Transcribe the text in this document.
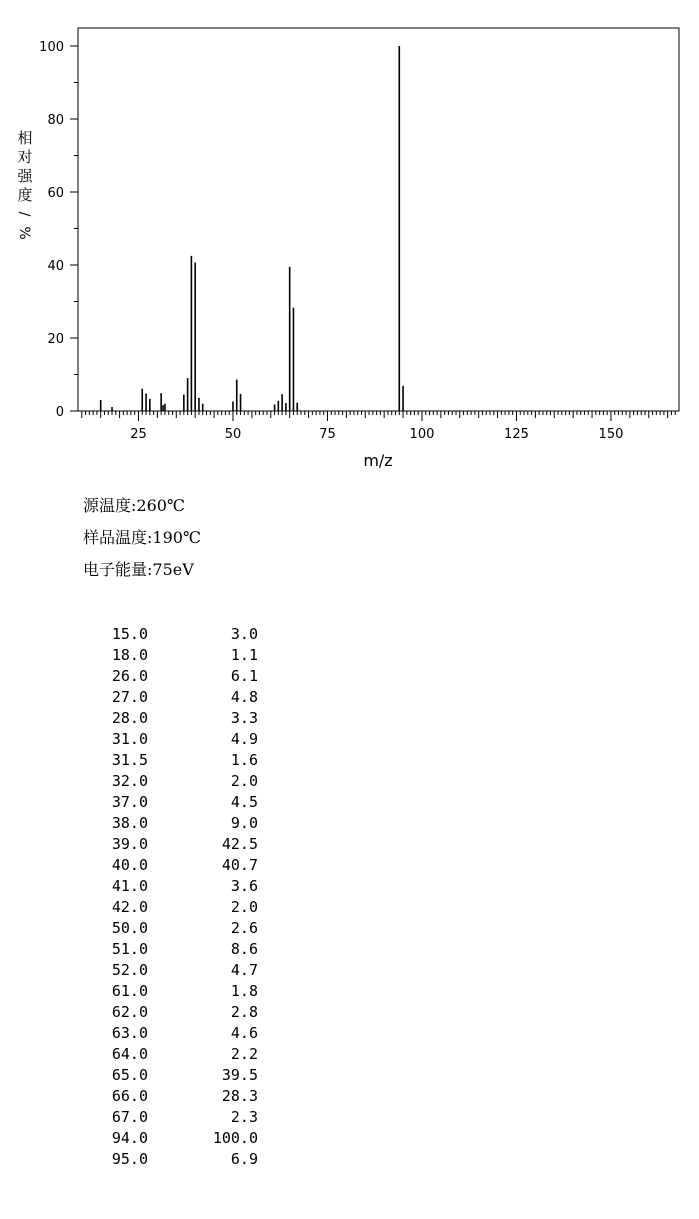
0
20
40
60
80
100
25	50	75	100	125	150
m/z
相
对
强
度
/
%
源温度:260℃
样品温度:190℃
电子能量:75eV
15.0	3.0
18.0	1.1
26.0	6.1
27.0	4.8
28.0	3.3
31.0	4.9
31.5	1.6
32.0	2.0
37.0	4.5
38.0	9.0
39.0	42.5
40.0	40.7
41.0	3.6
42.0	2.0
50.0	2.6
51.0	8.6
52.0	4.7
61.0	1.8
62.0	2.8
63.0	4.6
64.0	2.2
65.0	39.5
66.0	28.3
67.0	2.3
94.0	100.0
95.0	6.9
